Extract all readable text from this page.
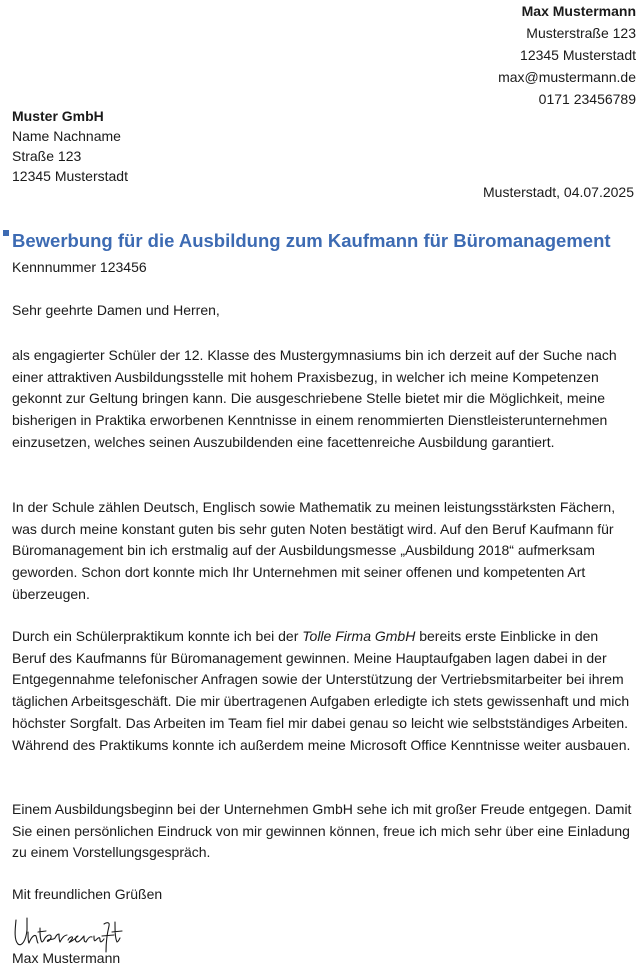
Max Mustermann
Musterstraße 123
12345 Musterstadt
max@mustermann.de
0171 23456789
Muster GmbH
Name Nachname
Straße 123
12345 Musterstadt
Musterstadt, 04.07.2025
Bewerbung für die Ausbildung zum Kaufmann für Büromanagement
Kennnummer 123456
Sehr geehrte Damen und Herren,

als engagierter Schüler der 12. Klasse des Mustergymnasiums bin ich derzeit auf der Suche nach einer attraktiven Ausbildungsstelle mit hohem Praxisbezug, in welcher ich meine Kompetenzen gekonnt zur Geltung bringen kann. Die ausgeschriebene Stelle bietet mir die Möglichkeit, meine bisherigen in Praktika erworbenen Kenntnisse in einem renommierten Dienstleisterunternehmen einzusetzen, welches seinen Auszubildenden eine facettenreiche Ausbildung garantiert.

In der Schule zählen Deutsch, Englisch sowie Mathematik zu meinen leistungsstärksten Fächern, was durch meine konstant guten bis sehr guten Noten bestätigt wird. Auf den Beruf Kaufmann für Büromanagement bin ich erstmalig auf der Ausbildungsmesse „Ausbildung 2018“ aufmerksam geworden. Schon dort konnte mich Ihr Unternehmen mit seiner offenen und kompetenten Art überzeugen.

Durch ein Schülerpraktikum konnte ich bei der Tolle Firma GmbH bereits erste Einblicke in den Beruf des Kaufmanns für Büromanagement gewinnen. Meine Hauptaufgaben lagen dabei in der Entgegennahme telefonischer Anfragen sowie der Unterstützung der Vertriebsmitarbeiter bei ihrem täglichen Arbeitsgeschäft. Die mir übertragenen Aufgaben erledigte ich stets gewissenhaft und mich höchster Sorgfalt. Das Arbeiten im Team fiel mir dabei genau so leicht wie selbstständiges Arbeiten. Während des Praktikums konnte ich außerdem meine Microsoft Office Kenntnisse weiter ausbauen.

Einem Ausbildungsbeginn bei der Unternehmen GmbH sehe ich mit großer Freude entgegen. Damit Sie einen persönlichen Eindruck von mir gewinnen können, freue ich mich sehr über eine Einladung zu einem Vorstellungsgespräch.

Mit freundlichen Grüßen
Max Mustermann
